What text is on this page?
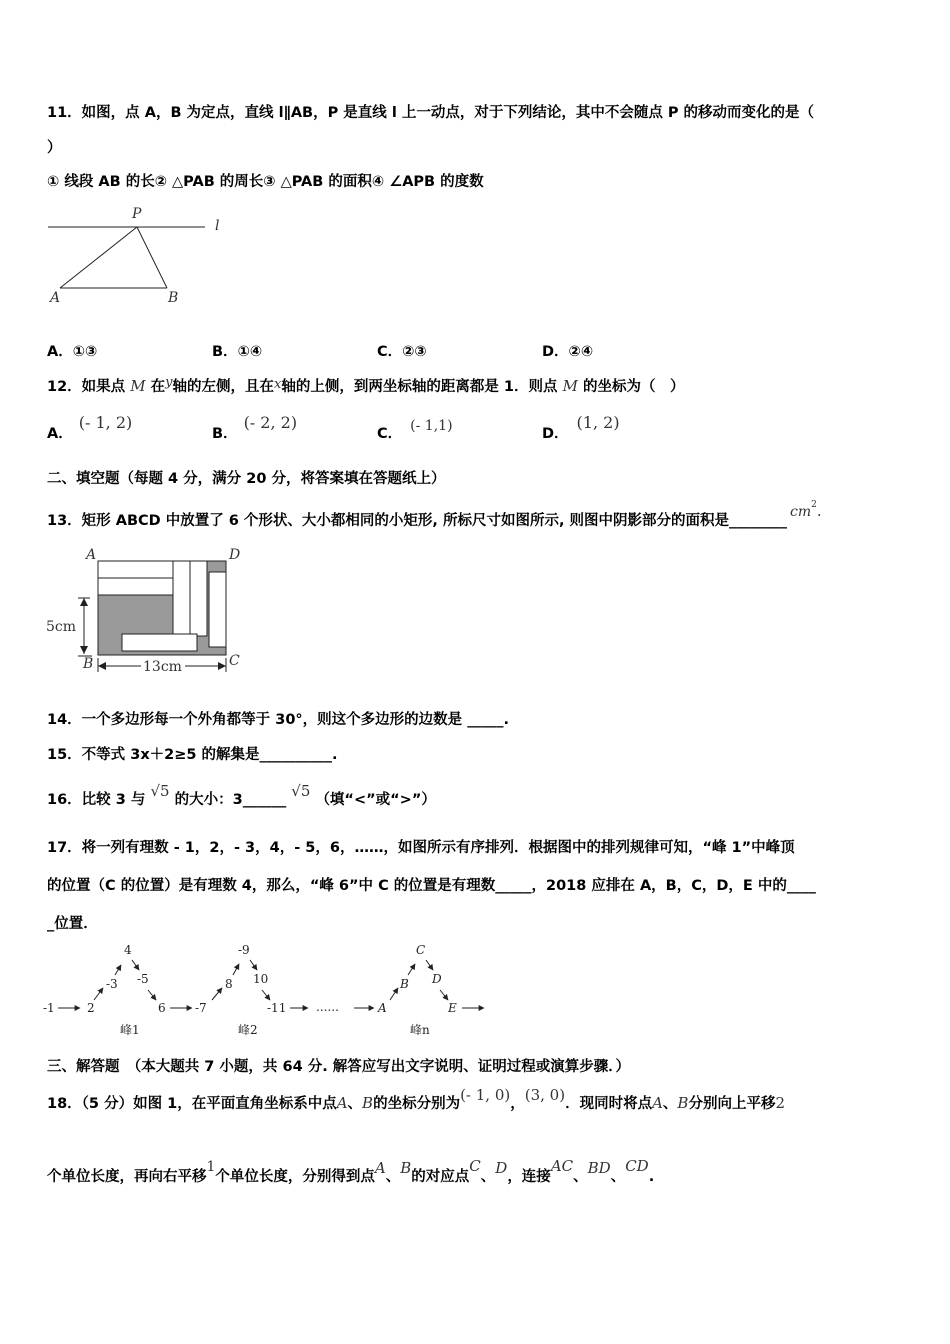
11．如图，点 A，B 为定点，直线 l∥AB，P 是直线 l 上一动点，对于下列结论，其中不会随点 P 的移动而变化的是（
）
① 线段 AB 的长② △PAB 的周长③ △PAB 的面积④ ∠APB 的度数
P
l
A	B
A．①③	B．①④	C．②③	D．②④
12．如果点 M 在y轴的左侧，且在x轴的上侧，到两坐标轴的距离都是 1．则点 M 的坐标为（　）
A．(- 1, 2)
B．(- 2, 2)
C． (- 1,1)	D．(1, 2)
二、填空题（每题 4 分，满分 20 分，将答案填在答题纸上）
13．矩形 ABCD 中放置了 6 个形状、大小都相同的小矩形, 所标尺寸如图所示, 则图中阴影部分的面积是$\_\_\_\_\_\_\_\_cm^2$.
A	D
B	C
5cm
13cm
14．一个多边形每一个外角都等于 30°，则这个多边形的边数是 _____.
15．不等式 3x＋2≥5 的解集是__________.
16．比较 3 与 √5 的大小：3______ √5 （填“<”或“>”）
17．将一列有理数 - 1，2，- 3，4，- 5，6，……，如图所示有序排列．根据图中的排列规律可知，“峰 1”中峰顶
的位置（C 的位置）是有理数 4，那么，“峰 6”中 C 的位置是有理数_____，2018 应排在 A，B，C，D，E 中的____
_位置．
-1	2
-3
4
-5
6
峰1
-7
8
-9
10
-11 ......
峰2
A
B
C
D
E
峰n
三、解答题　（本大题共 7 小题，共 64 分. 解答应写出文字说明、证明过程或演算步骤．）
18．（5 分）如图 1，在平面直角坐标系中点A、B的坐标分别为(- 1, 0)，(3, 0)．现同时将点A、B分别向上平移2
个单位长度，再向右平移1个单位长度，分别得到点A、B的对应点C、D，连接AC、BD、CD.
